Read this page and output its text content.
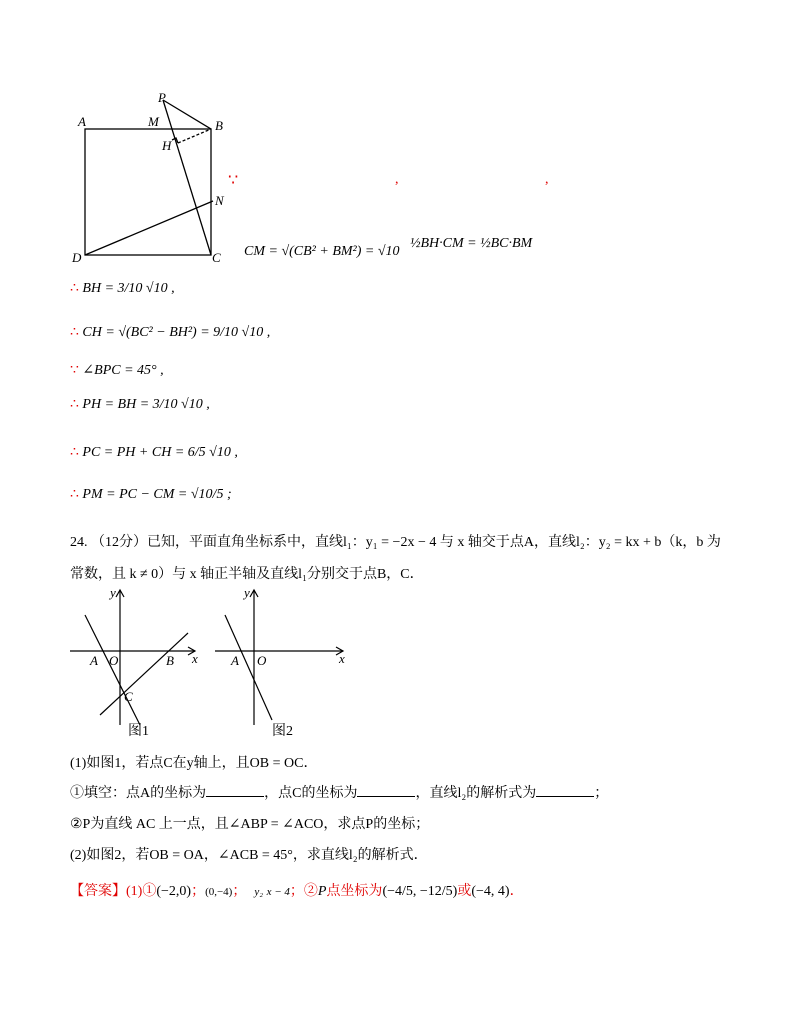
A	M
P
B
H
N
D	C
∵	,	,
CM = √(CB² + BM²) = √10
½BH·CM = ½BC·BM
∴ BH = 3/10 √10 ,
∴ CH = √(BC² − BH²) = 9/10 √10 ,
∵ ∠BPC = 45° ,
∴ PH = BH = 3/10 √10 ,
∴ PC = PH + CH = 6/5 √10 ,
∴ PM = PC − CM = √10/5 ;
24. （12分）已知，平面直角坐标系中，直线l₁：y₁ = −2x − 4 与 x 轴交于点A，直线l₂：y₂ = kx + b（k，b 为
常数，且 k ≠ 0）与 x 轴正半轴及直线l₁分别交于点B，C．
y
x
A O	B
C
图1
y
x
A O
图2
(1)如图1，若点C在y轴上，且OB = OC．
①填空：点A的坐标为	，点C的坐标为	，直线l₂的解析式为	；
②P为直线 AC 上一点，且∠ABP = ∠ACO，求点P的坐标；
(2)如图2，若OB = OA，∠ACB = 45°，求直线l₂的解析式．
【答案】(1)①(−2,0)；(0,−4)； y₂ x − 4；②P点坐标为(−4/5, −12/5)或(−4, 4)．
